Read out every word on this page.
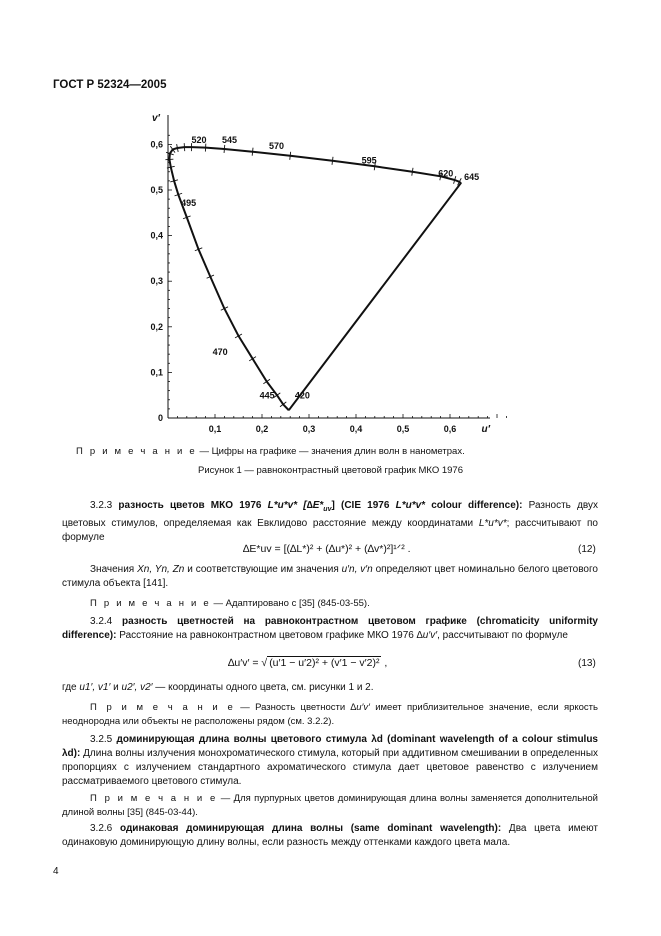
ГОСТ Р 52324—2005
u′
v′
0,1	0,2	0,3	0,4	0,5	0,6
0
0,1
0,2
0,3
0,4
0,5
0,6	520 545
570
595
620 645
495
470
445 420
П р и м е ч а н и е — Цифры на графике — значения длин волн в нанометрах.
Рисунок 1 — равноконтрастный цветовой график МКО 1976

3.2.3 разность цветов МКО 1976 L*u*v* $[\Delta E*_{uv}]$ (CIE 1976 L*u*v* colour difference): Разность двух цветовых стимулов, определяемая как Евклидово расстояние между координатами L*u*v*; рассчитывают по формуле

∆E*uv = [(∆L*)² + (∆u*)² + (∆v*)²]¹ᐟ² .	(12)

Значения Xn, Yn, Zn и соответствующие им значения u′n, v′n определяют цвет номинально белого цветового стимула объекта [141].

П р и м е ч а н и е — Адаптировано с [35] (845-03-55).

3.2.4 разность цветностей на равноконтрастном цветовом графике (chromaticity uniformity difference): Расстояние на равноконтрастном цветовом графике МКО 1976 ∆u′v′, рассчитывают по формуле

∆u′v′ = √ (u′1 − u′2)² + (v′1 − v′2)² ,	(13)

где u1′, v1′ и u2′, v2′ — координаты одного цвета, см. рисунки 1 и 2.

П р и м е ч а н и е — Разность цветности ∆u′v′ имеет приблизительное значение, если яркость неоднородна или объекты не расположены рядом (см. 3.2.2).

3.2.5 доминирующая длина волны цветового стимула λd (dominant wavelength of a colour stimulus λd): Длина волны излучения монохроматического стимула, который при аддитивном смешивании в определенных пропорциях с излучением стандартного ахроматического стимула дает цветовое равенство с излучением рассматриваемого цветового стимула.

П р и м е ч а н и е — Для пурпурных цветов доминирующая длина волны заменяется дополнительной длиной волны [35] (845-03-44).

3.2.6 одинаковая доминирующая длина волны (same dominant wavelength): Два цвета имеют одинаковую доминирующую длину волны, если разность между оттенками каждого цвета мала.

4
